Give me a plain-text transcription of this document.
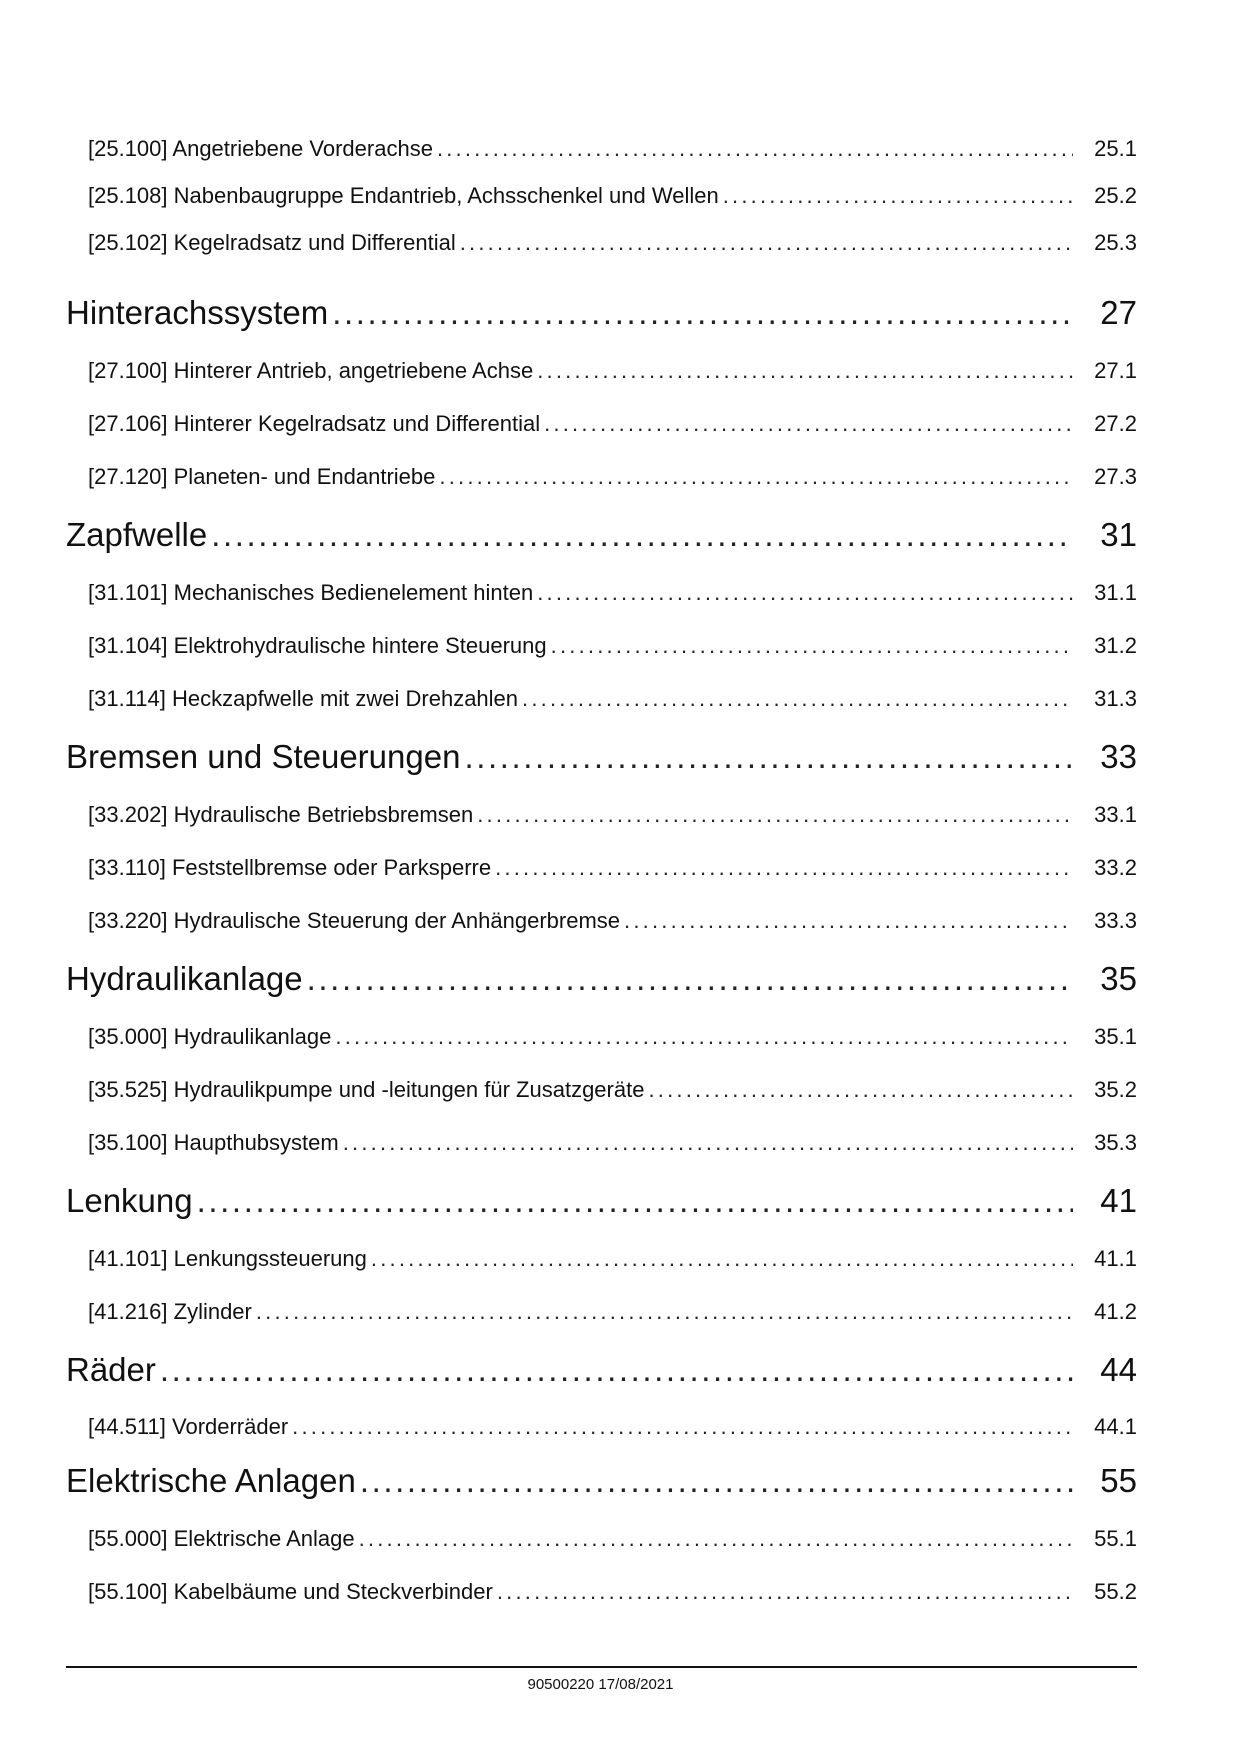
[25.100] Angetriebene Vorderachse .....	25.1
[25.108] Nabenbaugruppe Endantrieb, Achsschenkel und Wellen .....	25.2
[25.102] Kegelradsatz und Differential .....	25.3
Hinterachssystem .....	27
[27.100] Hinterer Antrieb, angetriebene Achse .....	27.1
[27.106] Hinterer Kegelradsatz und Differential .....	27.2
[27.120] Planeten- und Endantriebe .....	27.3
Zapfwelle .....	31
[31.101] Mechanisches Bedienelement hinten .....	31.1
[31.104] Elektrohydraulische hintere Steuerung .....	31.2
[31.114] Heckzapfwelle mit zwei Drehzahlen .....	31.3
Bremsen und Steuerungen .....	33
[33.202] Hydraulische Betriebsbremsen .....	33.1
[33.110] Feststellbremse oder Parksperre .....	33.2
[33.220] Hydraulische Steuerung der Anhängerbremse .....	33.3
Hydraulikanlage .....	35
[35.000] Hydraulikanlage .....	35.1
[35.525] Hydraulikpumpe und -leitungen für Zusatzgeräte .....	35.2
[35.100] Haupthubsystem .....	35.3
Lenkung .....	41
[41.101] Lenkungssteuerung .....	41.1
[41.216] Zylinder .....	41.2
Räder .....	44
[44.511] Vorderräder .....	44.1
Elektrische Anlagen .....	55
[55.000] Elektrische Anlage .....	55.1
[55.100] Kabelbäume und Steckverbinder .....	55.2
90500220 17/08/2021
